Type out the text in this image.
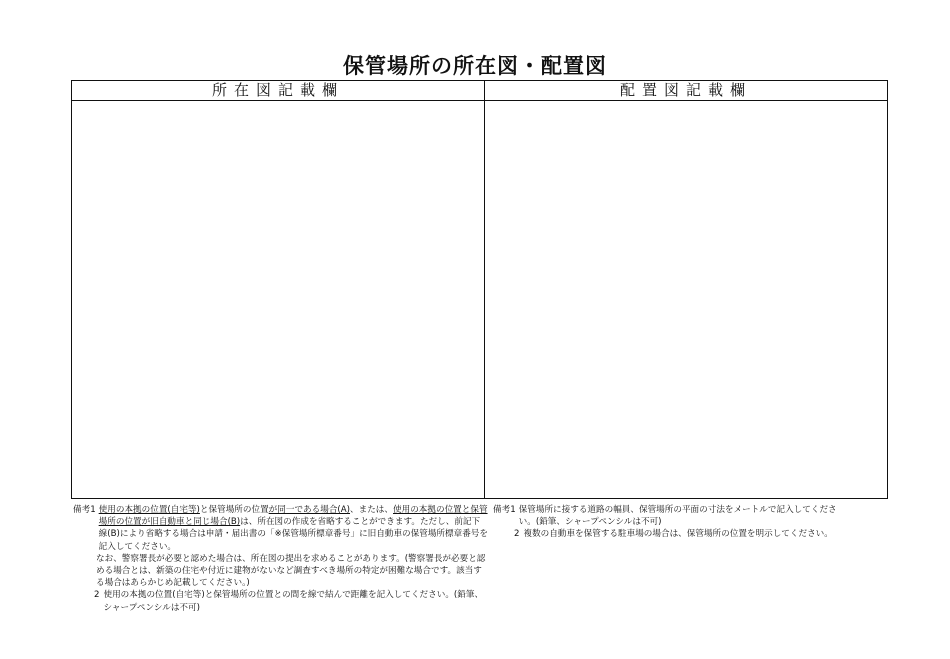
保管場所の所在図・配置図
所在図記載欄	配置図記載欄
備考1 使用の本拠の位置(自宅等)と保管場所の位置が同一である場合(A)、または、使用の本拠の位置と保管場所の位置が旧自動車と同じ場合(B)は、所在図の作成を省略することができます。ただし、前記下線(B)により省略する場合は申請・届出書の「※保管場所標章番号」に旧自動車の保管場所標章番号を記入してください。
なお、警察署長が必要と認めた場合は、所在図の提出を求めることがあります。(警察署長が必要と認める場合とは、新築の住宅や付近に建物がないなど調査すべき場所の特定が困難な場合です。該当する場合はあらかじめ記載してください。)
2 使用の本拠の位置(自宅等)と保管場所の位置との間を線で結んで距離を記入してください。(鉛筆、シャープペンシルは不可)
備考1 保管場所に接する道路の幅員、保管場所の平面の寸法をメートルで記入してください。(鉛筆、シャープペンシルは不可)
2 複数の自動車を保管する駐車場の場合は、保管場所の位置を明示してください。
